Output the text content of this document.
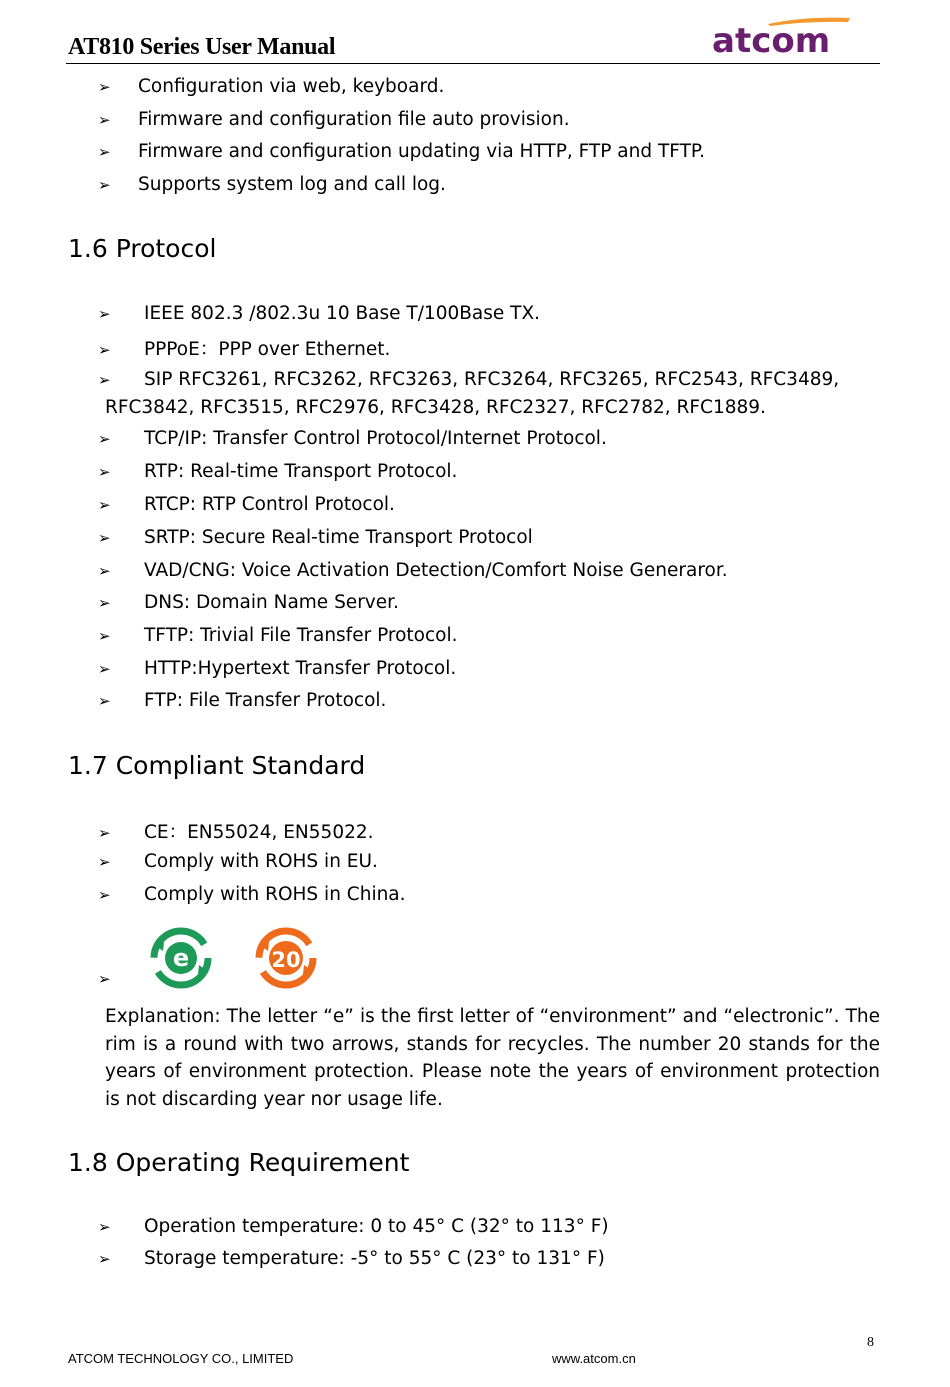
AT810 Series User Manual	atcom
➢ Configuration via web, keyboard.
➢ Firmware and configuration file auto provision.
➢ Firmware and configuration updating via HTTP, FTP and TFTP.
➢ Supports system log and call log.
1.6 Protocol
➢ IEEE 802.3 /802.3u 10 Base T/100Base TX.
➢ PPPoE：PPP over Ethernet.
➢ SIP RFC3261, RFC3262, RFC3263, RFC3264, RFC3265, RFC2543, RFC3489,
RFC3842, RFC3515, RFC2976, RFC3428, RFC2327, RFC2782, RFC1889.
➢ TCP/IP: Transfer Control Protocol/Internet Protocol.
➢ RTP: Real-time Transport Protocol.
➢ RTCP: RTP Control Protocol.
➢ SRTP: Secure Real-time Transport Protocol
➢ VAD/CNG: Voice Activation Detection/Comfort Noise Generaror.
➢ DNS: Domain Name Server.
➢ TFTP: Trivial File Transfer Protocol.
➢ HTTP:Hypertext Transfer Protocol.
➢ FTP: File Transfer Protocol.
1.7 Compliant Standard
➢ CE：EN55024, EN55022.
➢ Comply with ROHS in EU.
➢ Comply with ROHS in China.
➢
e	20
Explanation: The letter “e” is the first letter of “environment” and “electronic”. The rim is a round with two arrows, stands for recycles. The number 20 stands for the years of environment protection. Please note the years of environment protection is not discarding year nor usage life.
1.8 Operating Requirement
➢ Operation temperature: 0 to 45° C (32° to 113° F)
➢ Storage temperature: -5° to 55° C (23° to 131° F)
8
ATCOM TECHNOLOGY CO., LIMITED	www.atcom.cn
